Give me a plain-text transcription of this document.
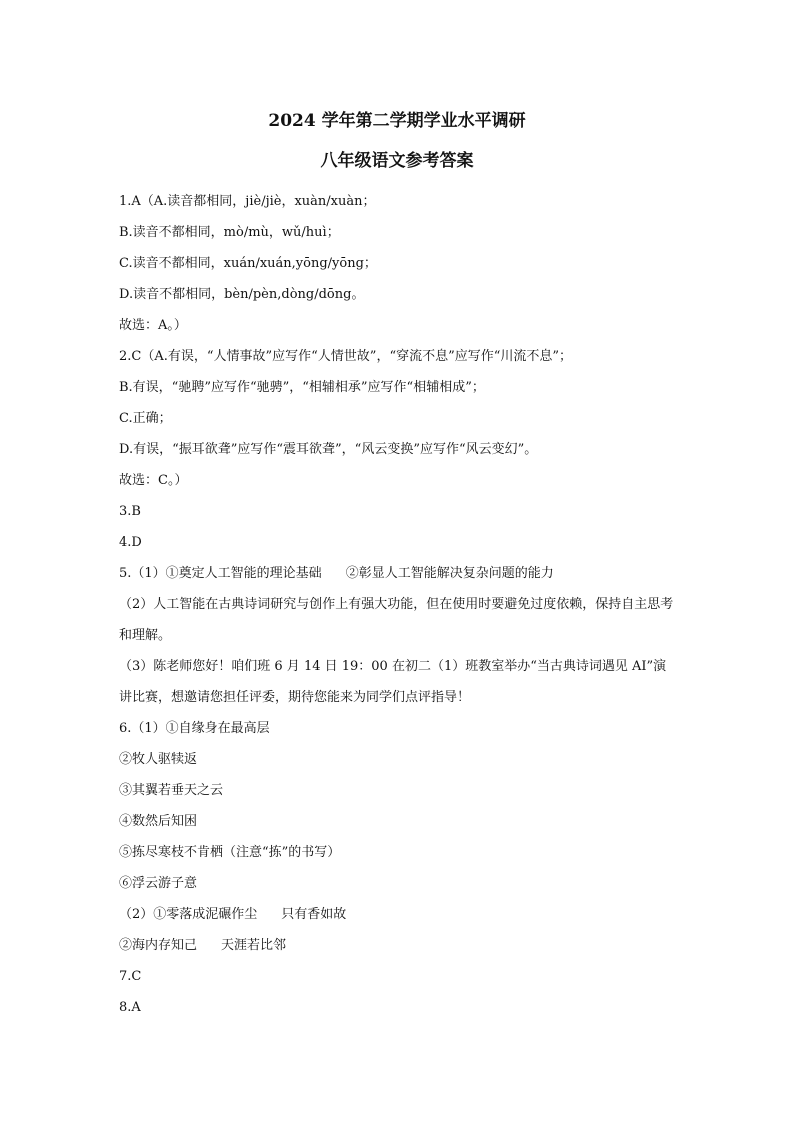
2024 学年第二学期学业水平调研
八年级语文参考答案

1.A（A.读音都相同，jiè/jiè，xuàn/xuàn；

B.读音不都相同，mò/mù，wǔ/huì；

C.读音不都相同，xuán/xuán,yōng/yōng；

D.读音不都相同，bèn/pèn,dòng/dōng。

故选：A。）

2.C（A.有误，“人情事故”应写作“人情世故”，“穿流不息”应写作“川流不息”；

B.有误，“驰聘”应写作“驰骋”，“相辅相承”应写作“相辅相成”；

C.正确；

D.有误，“振耳欲聋”应写作“震耳欲聋”，“风云变换”应写作“风云变幻”。

故选：C。）

3.B

4.D

5.（1）①奠定人工智能的理论基础 ②彰显人工智能解决复杂问题的能力

（2）人工智能在古典诗词研究与创作上有强大功能，但在使用时要避免过度依赖，保持自主思考和理解。

（3）陈老师您好！咱们班 6 月 14 日 19：00 在初二（1）班教室举办“当古典诗词遇见 AI”演讲比赛，想邀请您担任评委，期待您能来为同学们点评指导！

6.（1）①自缘身在最高层

②牧人驱犊返

③其翼若垂天之云

④数然后知困

⑤拣尽寒枝不肯栖（注意“拣”的书写）

⑥浮云游子意

（2）①零落成泥碾作尘 只有香如故

②海内存知己 天涯若比邻

7.C

8.A
